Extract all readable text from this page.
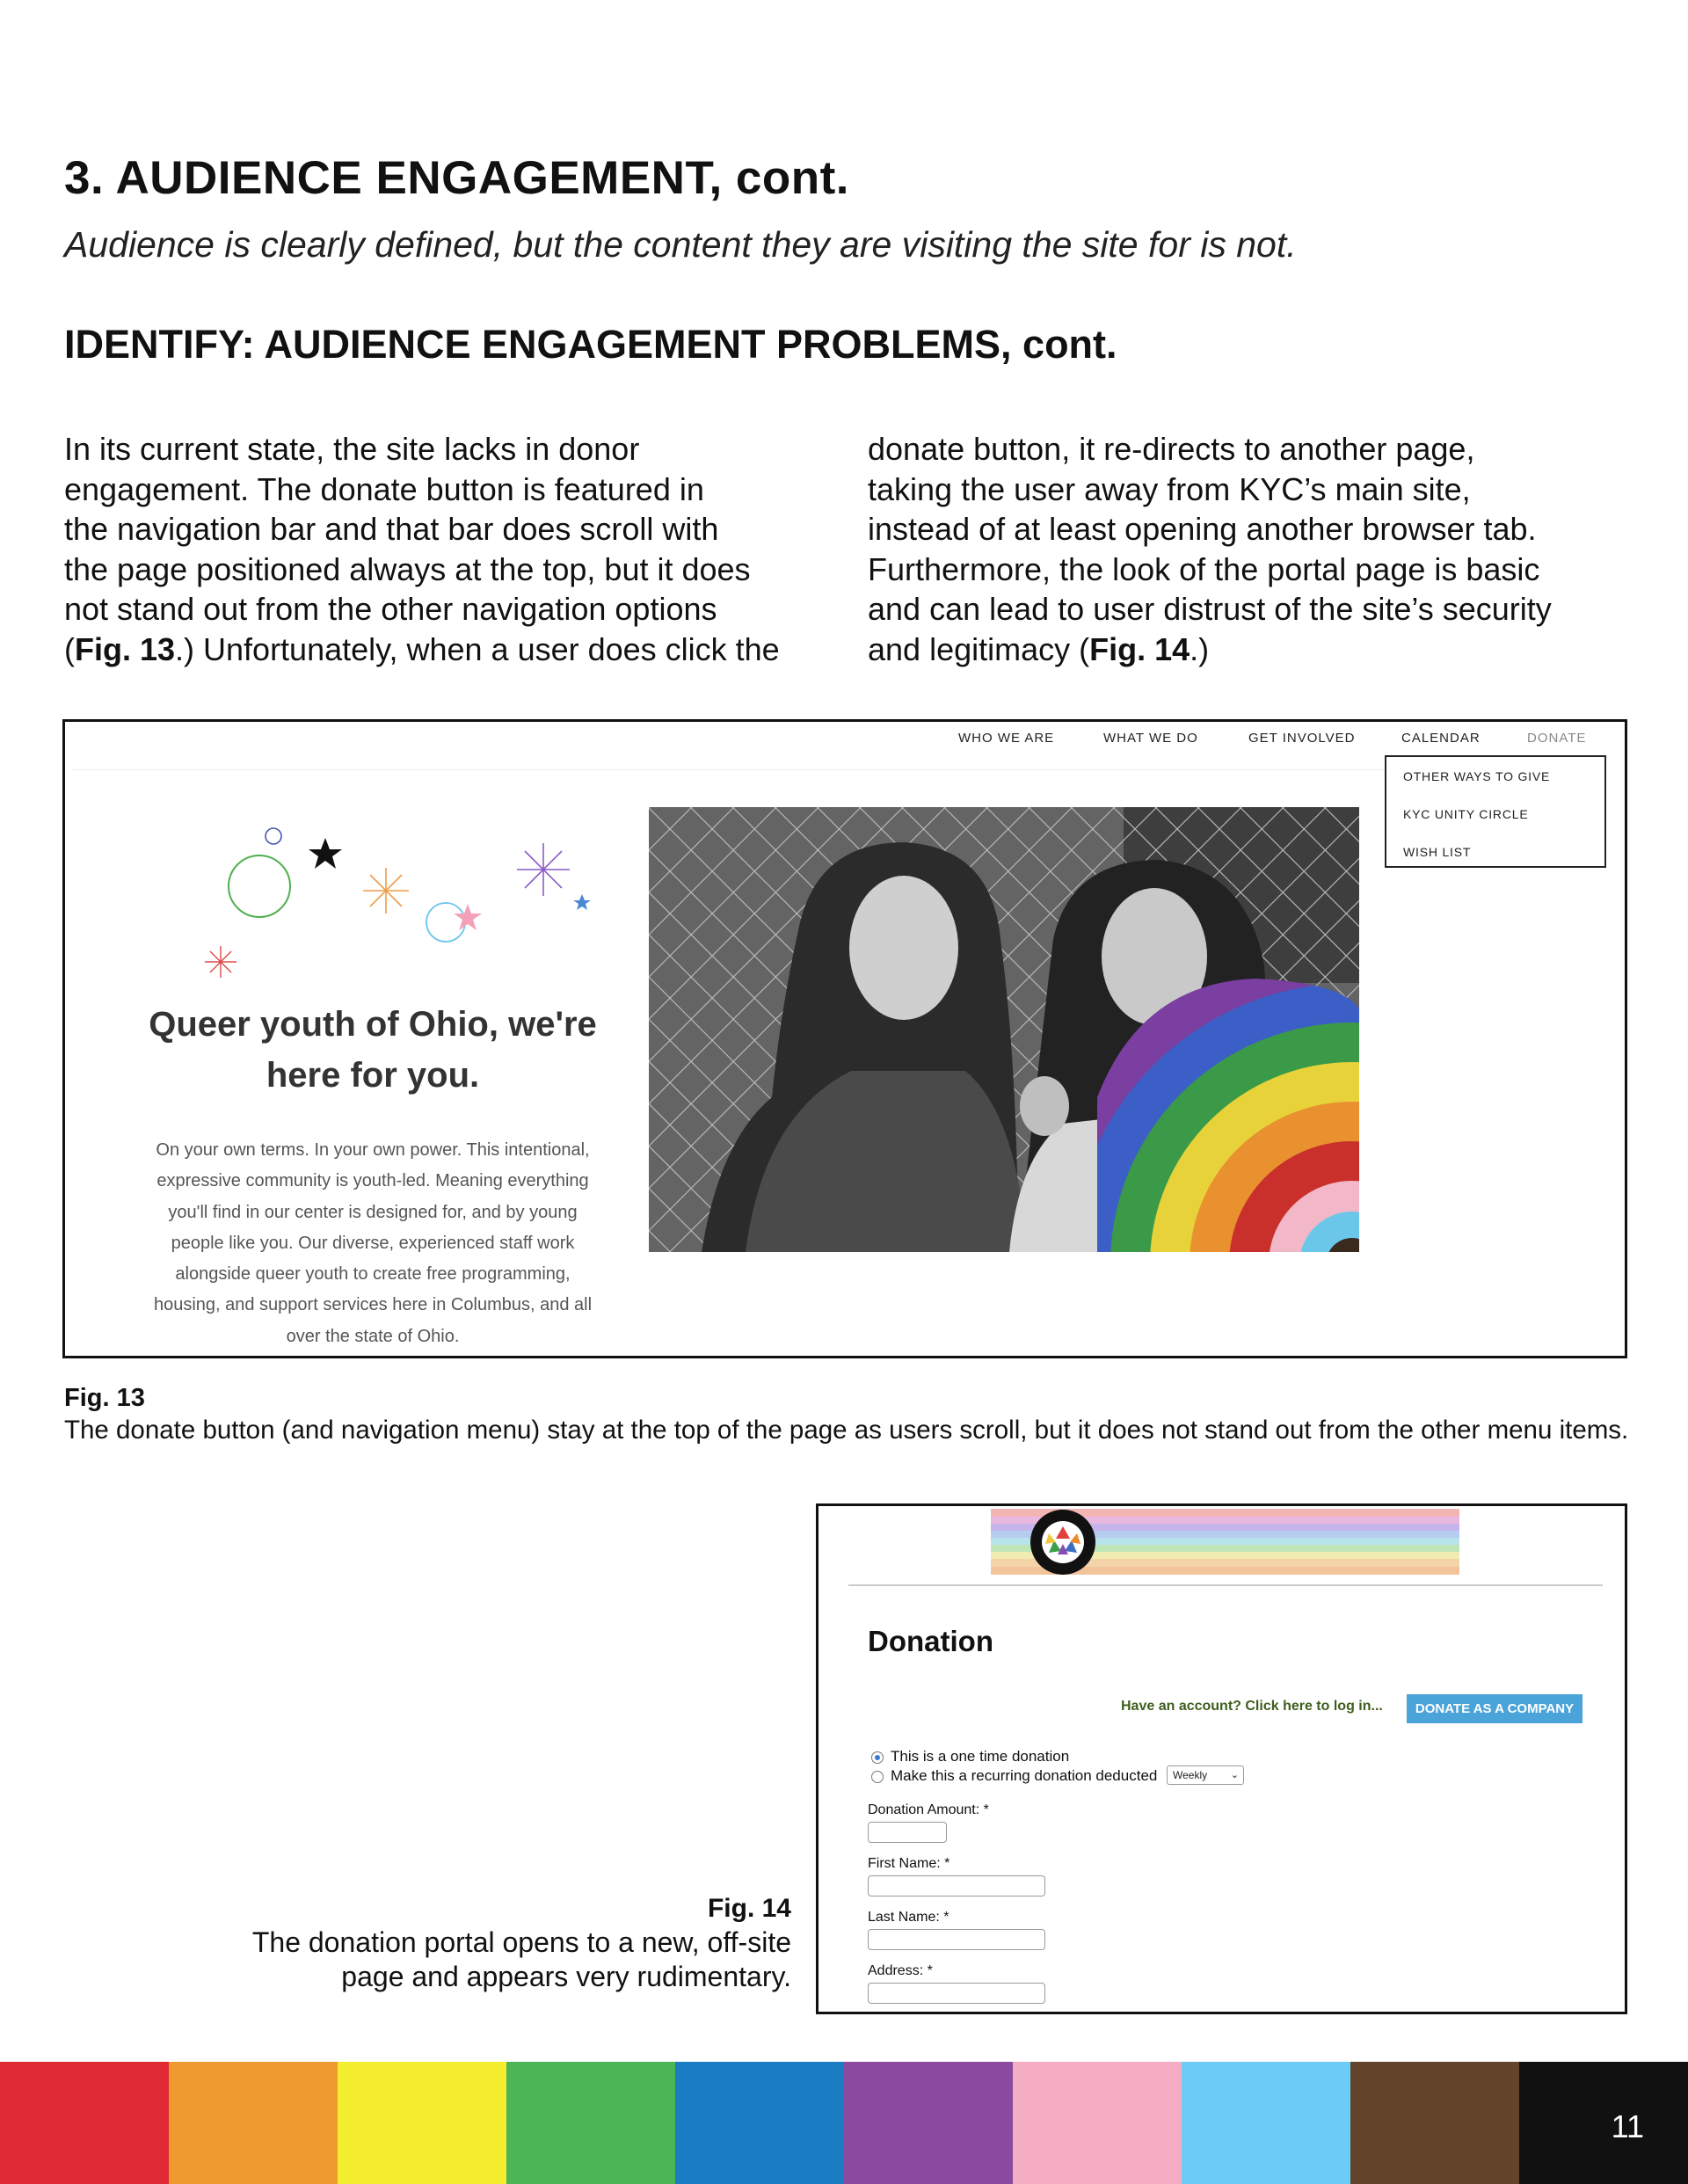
3. AUDIENCE ENGAGEMENT, cont.
Audience is clearly defined, but the content they are visiting the site for is not.
IDENTIFY: AUDIENCE ENGAGEMENT PROBLEMS, cont.
In its current state, the site lacks in donor
engagement. The donate button is featured in
the navigation bar and that bar does scroll with
the page positioned always at the top, but it does
not stand out from the other navigation options
(Fig. 13.) Unfortunately, when a user does click the
donate button, it re-directs to another page,
taking the user away from KYC’s main site,
instead of at least opening another browser tab.
Furthermore, the look of the portal page is basic
and can lead to user distrust of the site’s security
and legitimacy (Fig. 14.)
WHO WE ARE	WHAT WE DO	GET INVOLVED	CALENDAR	DONATE
OTHER WAYS TO GIVE
KYC UNITY CIRCLE
WISH LIST
Queer youth of Ohio, we're
here for you.
On your own terms. In your own power. This intentional,
expressive community is youth-led. Meaning everything
you'll find in our center is designed for, and by young
people like you. Our diverse, experienced staff work
alongside queer youth to create free programming,
housing, and support services here in Columbus, and all
over the state of Ohio.
Fig. 13
The donate button (and navigation menu) stay at the top of the page as users scroll, but it does not stand out from the other menu items.
Donation
Have an account? Click here to log in...	DONATE AS A COMPANY
This is a one time donation
Make this a recurring donation deducted	Weekly ⌄
Donation Amount: *
First Name: *
Last Name: *
Address: *
Fig. 14
The donation portal opens to a new, off-site
page and appears very rudimentary.
11
